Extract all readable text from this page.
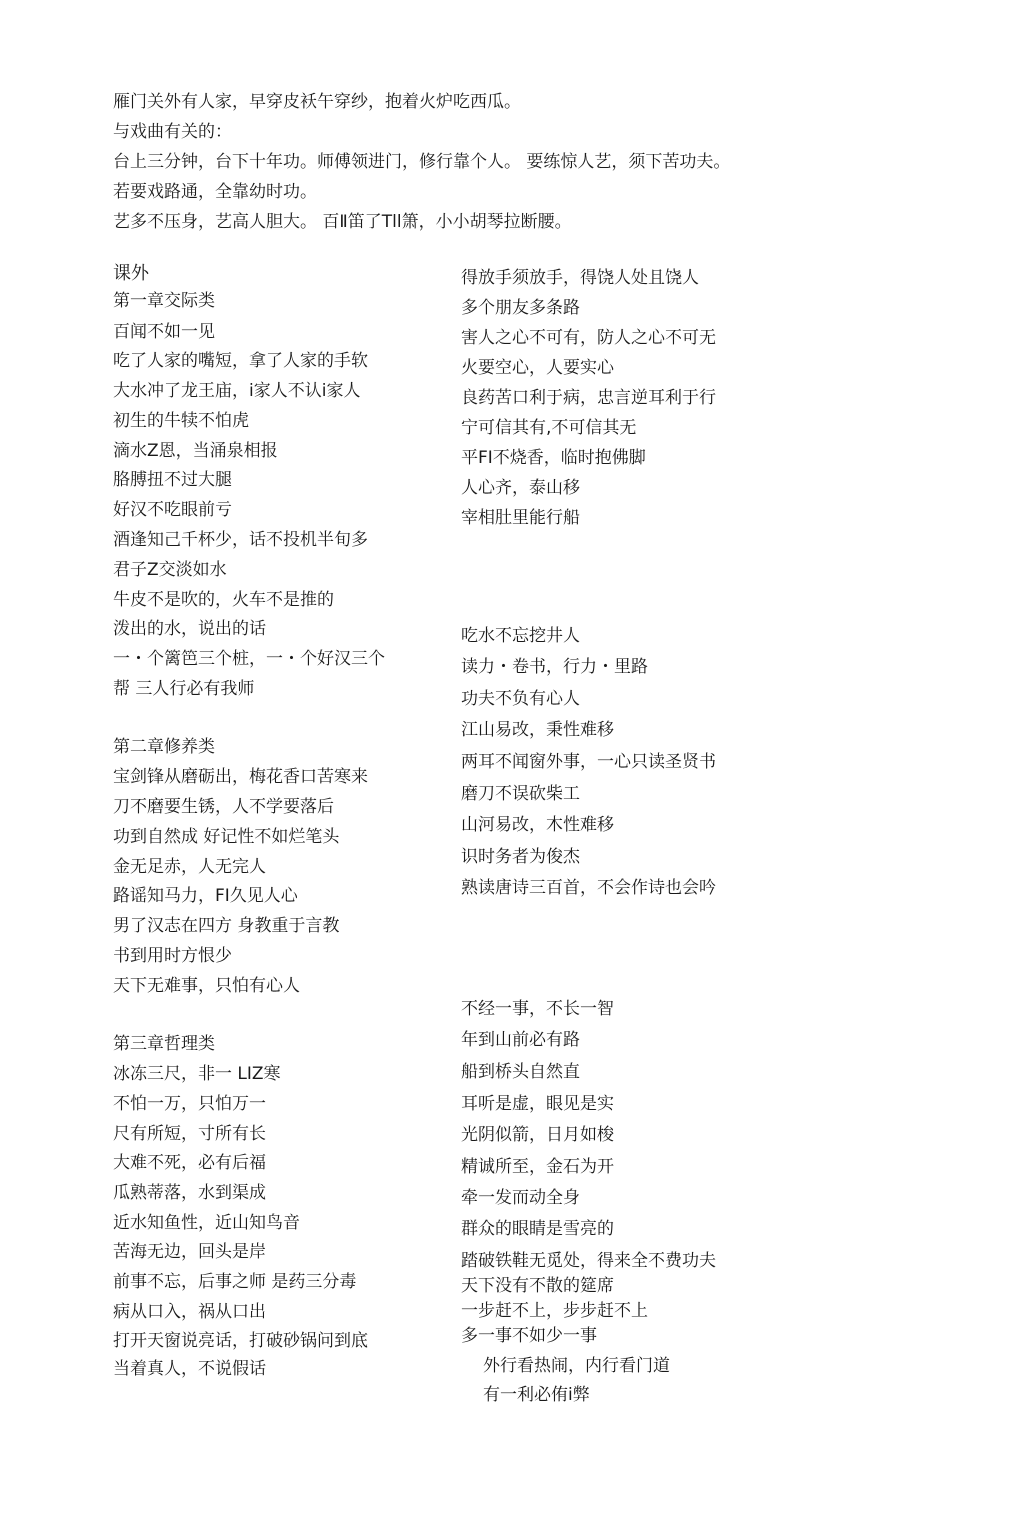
雁门关外有人家，早穿皮袄午穿纱，抱着火炉吃西瓜。
与戏曲有关的：
台上三分钟，台下十年功。师傅领进门，修行靠个人。 要练惊人艺，须下苦功夫。
若要戏路通，全靠幼时功。
艺多不压身，艺高人胆大。 百Ⅱ笛了Tll箫，小小胡琴拉断腰。
课外
第一章交际类
百闻不如一见
吃了人家的嘴短，拿了人家的手软
大水冲了龙王庙，i家人不认i家人
初生的牛犊不怕虎
滴水Z恩，当涌泉相报
胳膊扭不过大腿
好汉不吃眼前亏
酒逢知己千杯少，话不投机半旬多
君子Z交淡如水
牛皮不是吹的，火车不是推的
泼出的水，说出的话
一・个篱笆三个桩，一・个好汉三个
帮 三人行必有我师
第二章修养类
宝剑锋从磨砺出，梅花香口苦寒来
刀不磨要生锈，人不学要落后
功到自然成 好记性不如烂笔头
金无足赤，人无完人
路谣知马力，FI久见人心
男了汉志在四方 身教重于言教
书到用时方恨少
天下无难事，只怕有心人
第三章哲理类
冰冻三尺，非一 LIZ寒
不怕一万，只怕万一
尺有所短，寸所有长
大难不死，必有后福
瓜熟蒂落，水到渠成
近水知鱼性，近山知鸟音
苦海无边，回头是岸
前事不忘，后事之师 是药三分毒
病从口入，祸从口出
打开天窗说亮话，打破砂锅问到底
当着真人，不说假话
得放手须放手，得饶人处且饶人
多个朋友多条路
害人之心不可有，防人之心不可无
火要空心，人要实心
良药苦口利于病，忠言逆耳利于行
宁可信其有,不可信其无
平FI不烧香，临时抱佛脚
人心齐，泰山移
宰相肚里能行船
吃水不忘挖井人
读力・卷书，行力・里路
功夫不负有心人
江山易改，秉性难移
两耳不闻窗外事，一心只读圣贤书
磨刀不误砍柴工
山河易改，木性难移
识时务者为俊杰
熟读唐诗三百首，不会作诗也会吟
不经一事，不长一智
年到山前必有路
船到桥头自然直
耳听是虚，眼见是实
光阴似箭，日月如梭
精诚所至，金石为开
牵一发而动全身
群众的眼睛是雪亮的
踏破铁鞋无觅处，得来全不费功夫
天下没有不散的筵席
一步赶不上，步步赶不上
多一事不如少一事
外行看热闹，内行看门道
有一利必侑i弊
